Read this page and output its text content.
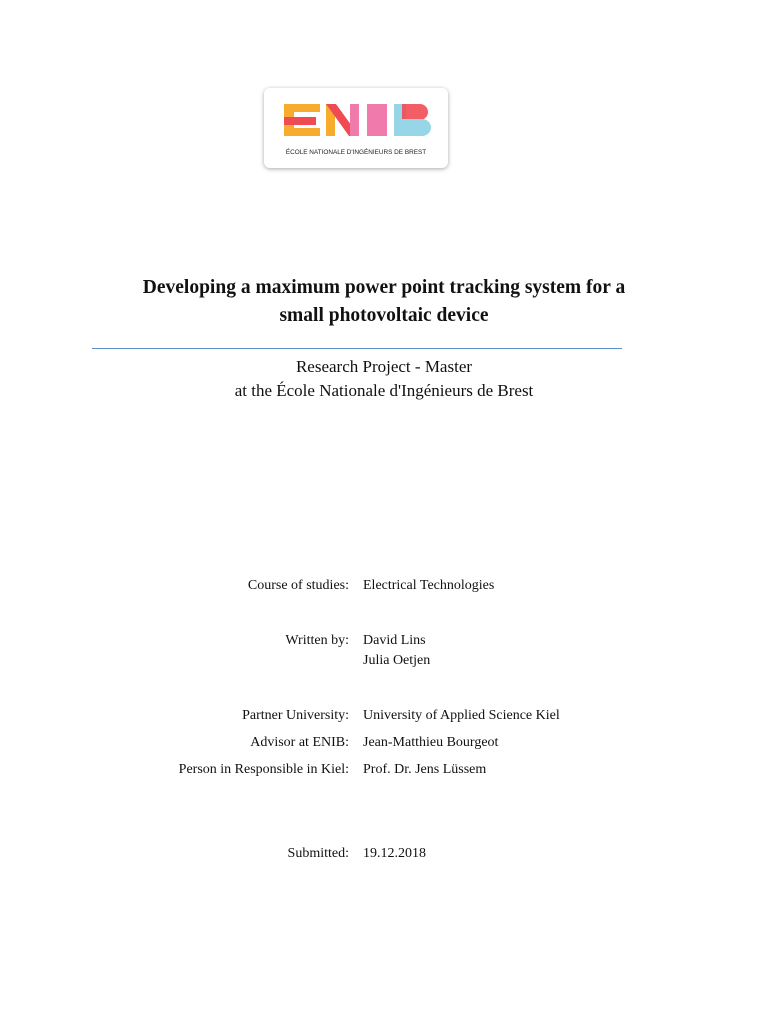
ÉCOLE NATIONALE D'INGÉNIEURS DE BREST
Developing a maximum power point tracking system for a
small photovoltaic device
Research Project - Master
at the École Nationale d'Ingénieurs de Brest
Course of studies: Electrical Technologies
Written by: David Lins
Julia Oetjen
Partner University: University of Applied Science Kiel
Advisor at ENIB: Jean-Matthieu Bourgeot
Person in Responsible in Kiel: Prof. Dr. Jens Lüssem
Submitted: 19.12.2018
